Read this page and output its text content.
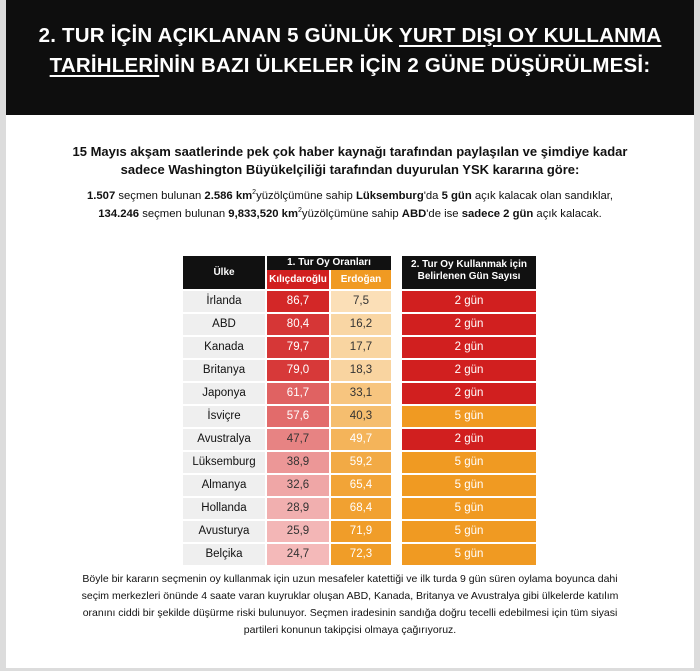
2. TUR İÇİN AÇIKLANAN 5 GÜNLÜK YURT DIŞI OY KULLANMA
TARİHLERİNİN BAZI ÜLKELER İÇİN 2 GÜNE DÜŞÜRÜLMESİ:
15 Mayıs akşam saatlerinde pek çok haber kaynağı tarafından paylaşılan ve şimdiye kadar
sadece Washington Büyükelçiliği tarafından duyurulan YSK kararına göre:
1.507 seçmen bulunan 2.586 $km^2yüzölçümüne$ sahip Lüksemburg'da 5 gün açık kalacak olan sandıklar,
134.246 seçmen bulunan 9,833,520 $km^2yüzölçümüne$ sahip ABD'de ise sadece 2 gün açık kalacak.
Ülke
1. Tur Oy Oranları
Kılıçdaroğlu	Erdoğan
2. Tur Oy Kullanmak için
Belirlenen Gün Sayısı
İrlanda	86,7	7,5	2 gün
ABD	80,4	16,2	2 gün
Kanada	79,7	17,7	2 gün
Britanya	79,0	18,3	2 gün
Japonya	61,7	33,1	2 gün
İsviçre	57,6	40,3	5 gün
Avustralya	47,7	49,7	2 gün
Lüksemburg	38,9	59,2	5 gün
Almanya	32,6	65,4	5 gün
Hollanda	28,9	68,4	5 gün
Avusturya	25,9	71,9	5 gün
Belçika	24,7	72,3	5 gün
Böyle bir kararın seçmenin oy kullanmak için uzun mesafeler katettiği ve ilk turda 9 gün süren oylama boyunca dahi
seçim merkezleri önünde 4 saate varan kuyruklar oluşan ABD, Kanada, Britanya ve Avustralya gibi ülkelerde katılım
oranını ciddi bir şekilde düşürme riski bulunuyor. Seçmen iradesinin sandığa doğru tecelli edebilmesi için tüm siyasi
partileri konunun takipçisi olmaya çağırıyoruz.
